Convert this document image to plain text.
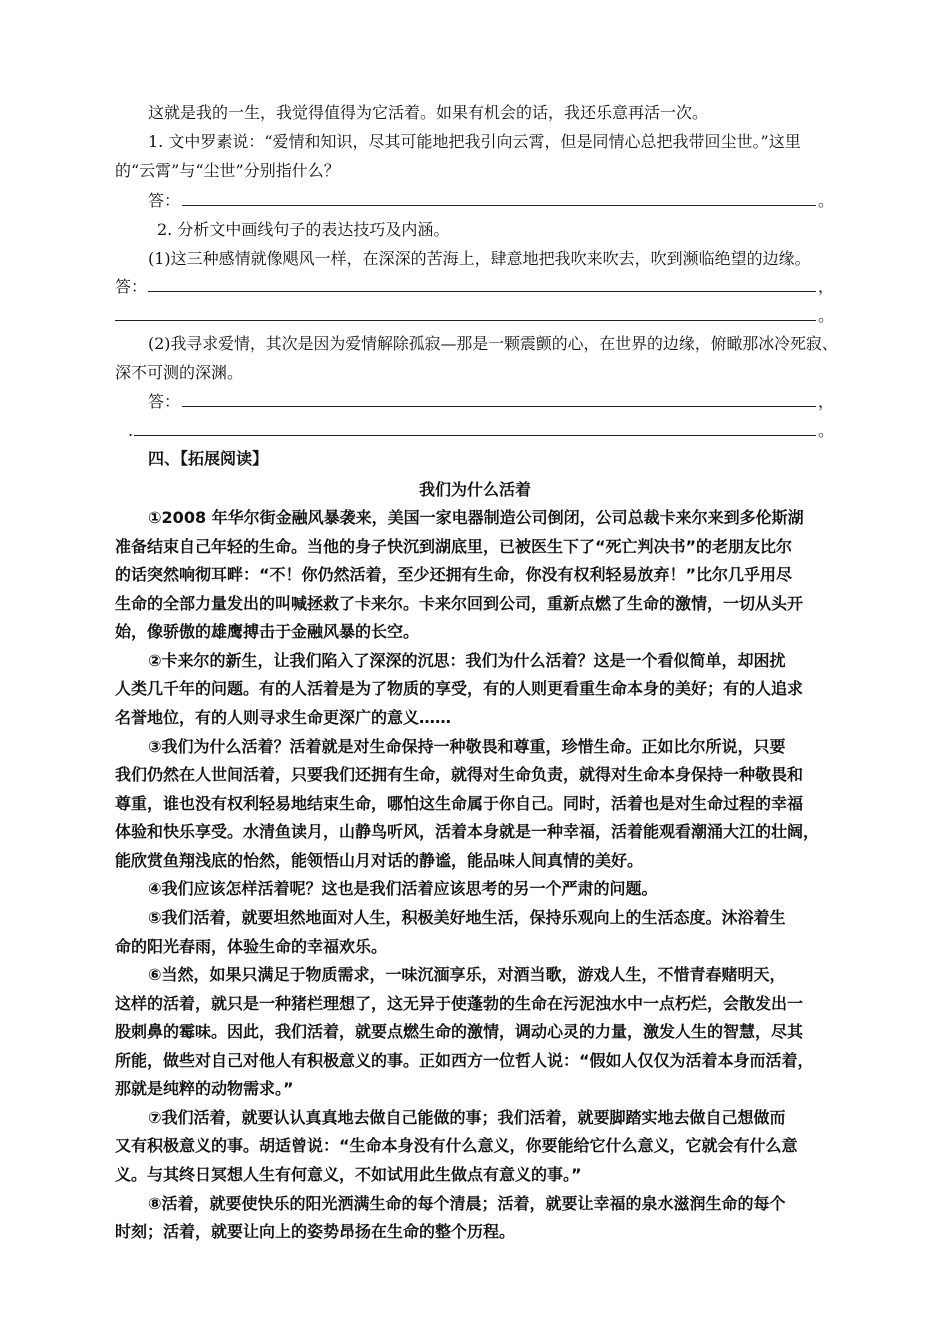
这就是我的一生，我觉得值得为它活着。如果有机会的话，我还乐意再活一次。
1. 文中罗素说：“爱情和知识，尽其可能地把我引向云霄，但是同情心总把我带回尘世。”这里
的“云霄”与“尘世”分别指什么？
答：	。
2. 分析文中画线句子的表达技巧及内涵。
(1)这三种感情就像飓风一样，在深深的苦海上，肆意地把我吹来吹去，吹到濒临绝望的边缘。
答：	，
。
(2)我寻求爱情，其次是因为爱情解除孤寂—那是一颗震颤的心，在世界的边缘，俯瞰那冰冷死寂、
深不可测的深渊。
答：	，
.	。
四、【拓展阅读】
我们为什么活着
①2008 年华尔街金融风暴袭来，美国一家电器制造公司倒闭，公司总裁卡来尔来到多伦斯湖
准备结束自己年轻的生命。当他的身子快沉到湖底里，已被医生下了“死亡判决书”的老朋友比尔
的话突然响彻耳畔：“不！你仍然活着，至少还拥有生命，你没有权利轻易放弃！”比尔几乎用尽
生命的全部力量发出的叫喊拯救了卡来尔。卡来尔回到公司，重新点燃了生命的激情，一切从头开
始，像骄傲的雄鹰搏击于金融风暴的长空。
②卡来尔的新生，让我们陷入了深深的沉思：我们为什么活着？这是一个看似简单，却困扰
人类几千年的问题。有的人活着是为了物质的享受，有的人则更看重生命本身的美好；有的人追求
名誉地位，有的人则寻求生命更深广的意义……
③我们为什么活着？活着就是对生命保持一种敬畏和尊重，珍惜生命。正如比尔所说，只要
我们仍然在人世间活着，只要我们还拥有生命，就得对生命负责，就得对生命本身保持一种敬畏和
尊重，谁也没有权利轻易地结束生命，哪怕这生命属于你自己。同时，活着也是对生命过程的幸福
体验和快乐享受。水清鱼读月，山静鸟听风，活着本身就是一种幸福，活着能观看潮涌大江的壮阔，
能欣赏鱼翔浅底的怡然，能领悟山月对话的静谧，能品味人间真情的美好。
④我们应该怎样活着呢？这也是我们活着应该思考的另一个严肃的问题。
⑤我们活着，就要坦然地面对人生，积极美好地生活，保持乐观向上的生活态度。沐浴着生
命的阳光春雨，体验生命的幸福欢乐。
⑥当然，如果只满足于物质需求，一味沉湎享乐，对酒当歌，游戏人生，不惜青春赌明天，
这样的活着，就只是一种猪栏理想了，这无异于使蓬勃的生命在污泥浊水中一点朽烂，会散发出一
股刺鼻的霉味。因此，我们活着，就要点燃生命的激情，调动心灵的力量，激发人生的智慧，尽其
所能，做些对自己对他人有积极意义的事。正如西方一位哲人说：“假如人仅仅为活着本身而活着，
那就是纯粹的动物需求。”
⑦我们活着，就要认认真真地去做自己能做的事；我们活着，就要脚踏实地去做自己想做而
又有积极意义的事。胡适曾说：“生命本身没有什么意义，你要能给它什么意义，它就会有什么意
义。与其终日冥想人生有何意义，不如试用此生做点有意义的事。”
⑧活着，就要使快乐的阳光洒满生命的每个清晨；活着，就要让幸福的泉水滋润生命的每个
时刻；活着，就要让向上的姿势昂扬在生命的整个历程。
